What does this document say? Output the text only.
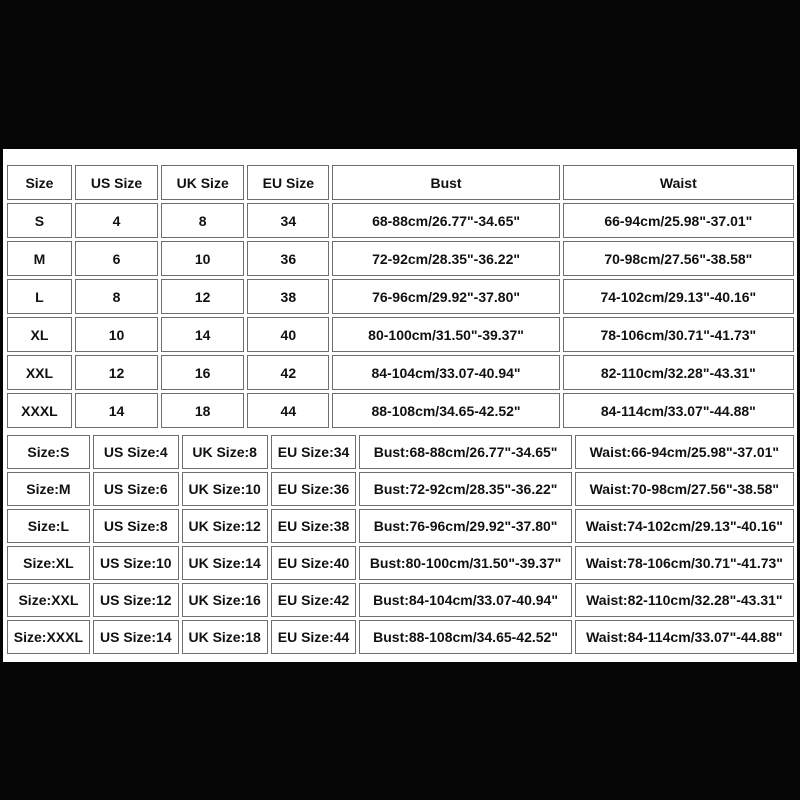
Size	US Size	UK Size	EU Size	Bust	Waist
S	4	8	34	68-88cm/26.77"-34.65"	66-94cm/25.98"-37.01"
M	6	10	36	72-92cm/28.35"-36.22"	70-98cm/27.56"-38.58"
L	8	12	38	76-96cm/29.92"-37.80"	74-102cm/29.13"-40.16"
XL	10	14	40	80-100cm/31.50"-39.37"	78-106cm/30.71"-41.73"
XXL	12	16	42	84-104cm/33.07-40.94"	82-110cm/32.28"-43.31"
XXXL	14	18	44	88-108cm/34.65-42.52"	84-114cm/33.07"-44.88"
Size:S	US Size:4	UK Size:8	EU Size:34	Bust:68-88cm/26.77"-34.65"	Waist:66-94cm/25.98"-37.01"
Size:M	US Size:6	UK Size:10	EU Size:36	Bust:72-92cm/28.35"-36.22"	Waist:70-98cm/27.56"-38.58"
Size:L	US Size:8	UK Size:12	EU Size:38	Bust:76-96cm/29.92"-37.80"	Waist:74-102cm/29.13"-40.16"
Size:XL	US Size:10	UK Size:14	EU Size:40	Bust:80-100cm/31.50"-39.37"	Waist:78-106cm/30.71"-41.73"
Size:XXL	US Size:12	UK Size:16	EU Size:42	Bust:84-104cm/33.07-40.94"	Waist:82-110cm/32.28"-43.31"
Size:XXXL	US Size:14	UK Size:18	EU Size:44	Bust:88-108cm/34.65-42.52"	Waist:84-114cm/33.07"-44.88"
